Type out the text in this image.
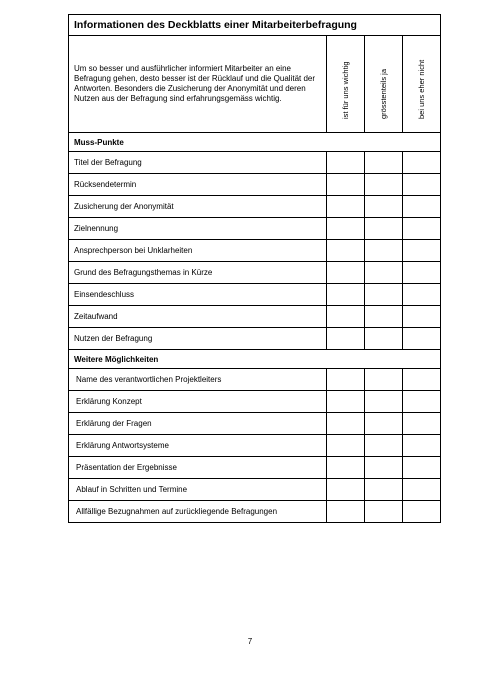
Informationen des Deckblatts einer Mitarbeiterbefragung			
Um so besser und ausführlicher informiert Mitarbeiter an eine Befragung gehen, desto besser ist der Rücklauf und die Qualität der Antworten. Besonders die Zusicherung der Anonymität und deren Nutzen aus der Befragung sind erfahrungsgemäss wichtig.	ist für uns wichtig	grösstenteils ja	bei uns eher nicht

Muss-Punkte			
Titel der Befragung			
Rücksendetermin			
Zusicherung der Anonymität			
Zielnennung			
Ansprechperson bei Unklarheiten			
Grund des Befragungsthemas in Kürze			
Einsendeschluss			
Zeitaufwand			
Nutzen der Befragung			
Weitere Möglichkeiten			
Name des verantwortlichen Projektleiters			
Erklärung Konzept			
Erklärung der Fragen			
Erklärung Antwortsysteme			
Präsentation der Ergebnisse			
Ablauf in Schritten und Termine			
Allfällige Bezugnahmen auf zurückliegende Befragungen			
7
